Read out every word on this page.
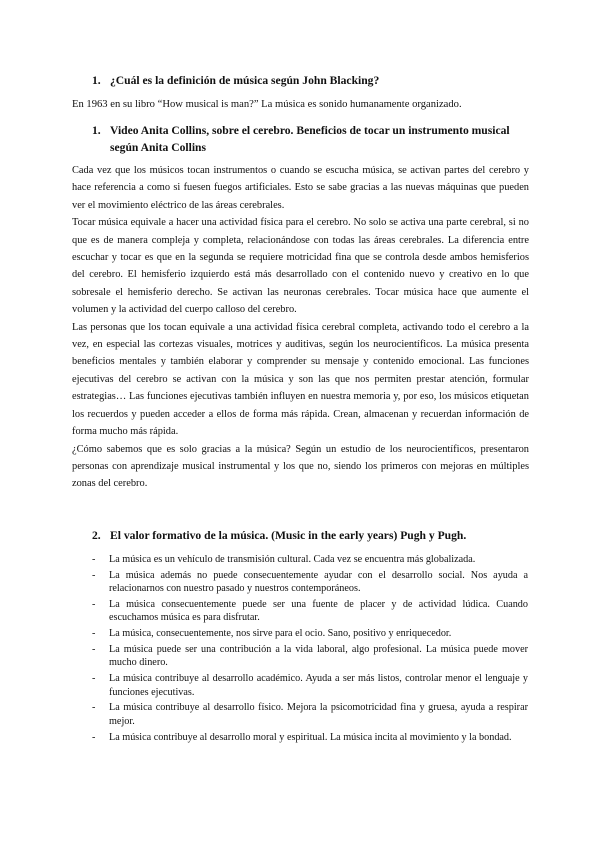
1. ¿Cuál es la definición de música según John Blacking?
En 1963 en su libro “How musical is man?” La música es sonido humanamente organizado.
1. Video Anita Collins, sobre el cerebro. Beneficios de tocar un instrumento musical según Anita Collins

Cada vez que los músicos tocan instrumentos o cuando se escucha música, se activan partes del cerebro y hace referencia a como si fuesen fuegos artificiales. Esto se sabe gracias a las nuevas máquinas que pueden ver el movimiento eléctrico de las áreas cerebrales.

Tocar música equivale a hacer una actividad física para el cerebro. No solo se activa una parte cerebral, si no que es de manera compleja y completa, relacionándose con todas las áreas cerebrales. La diferencia entre escuchar y tocar es que en la segunda se requiere motricidad fina que se controla desde ambos hemisferios del cerebro. El hemisferio izquierdo está más desarrollado con el contenido nuevo y creativo en lo que sobresale el hemisferio derecho. Se activan las neuronas cerebrales. Tocar música hace que aumente el volumen y la actividad del cuerpo calloso del cerebro.

Las personas que los tocan equivale a una actividad física cerebral completa, activando todo el cerebro a la vez, en especial las cortezas visuales, motrices y auditivas, según los neurocientíficos. La música presenta beneficios mentales y también elaborar y comprender su mensaje y contenido emocional. Las funciones ejecutivas del cerebro se activan con la música y son las que nos permiten prestar atención, formular estrategias… Las funciones ejecutivas también influyen en nuestra memoria y, por eso, los músicos etiquetan los recuerdos y pueden acceder a ellos de forma más rápida. Crean, almacenan y recuerdan información de forma mucho más rápida.

¿Cómo sabemos que es solo gracias a la música? Según un estudio de los neurocientíficos, presentaron personas con aprendizaje musical instrumental y los que no, siendo los primeros con mejoras en múltiples zonas del cerebro.

2. El valor formativo de la música. (Music in the early years) Pugh y Pugh.
-	La música es un vehículo de transmisión cultural. Cada vez se encuentra más globalizada.
-	La música además no puede consecuentemente ayudar con el desarrollo social. Nos ayuda a relacionarnos con nuestro pasado y nuestros contemporáneos.
-	La música consecuentemente puede ser una fuente de placer y de actividad lúdica. Cuando escuchamos música es para disfrutar.
-	La música, consecuentemente, nos sirve para el ocio. Sano, positivo y enriquecedor.
-	La música puede ser una contribución a la vida laboral, algo profesional. La música puede mover mucho dinero.
-	La música contribuye al desarrollo académico. Ayuda a ser más listos, controlar menor el lenguaje y funciones ejecutivas.
-	La música contribuye al desarrollo físico. Mejora la psicomotricidad fina y gruesa, ayuda a respirar mejor.
-	La música contribuye al desarrollo moral y espiritual. La música incita al movimiento y la bondad.
